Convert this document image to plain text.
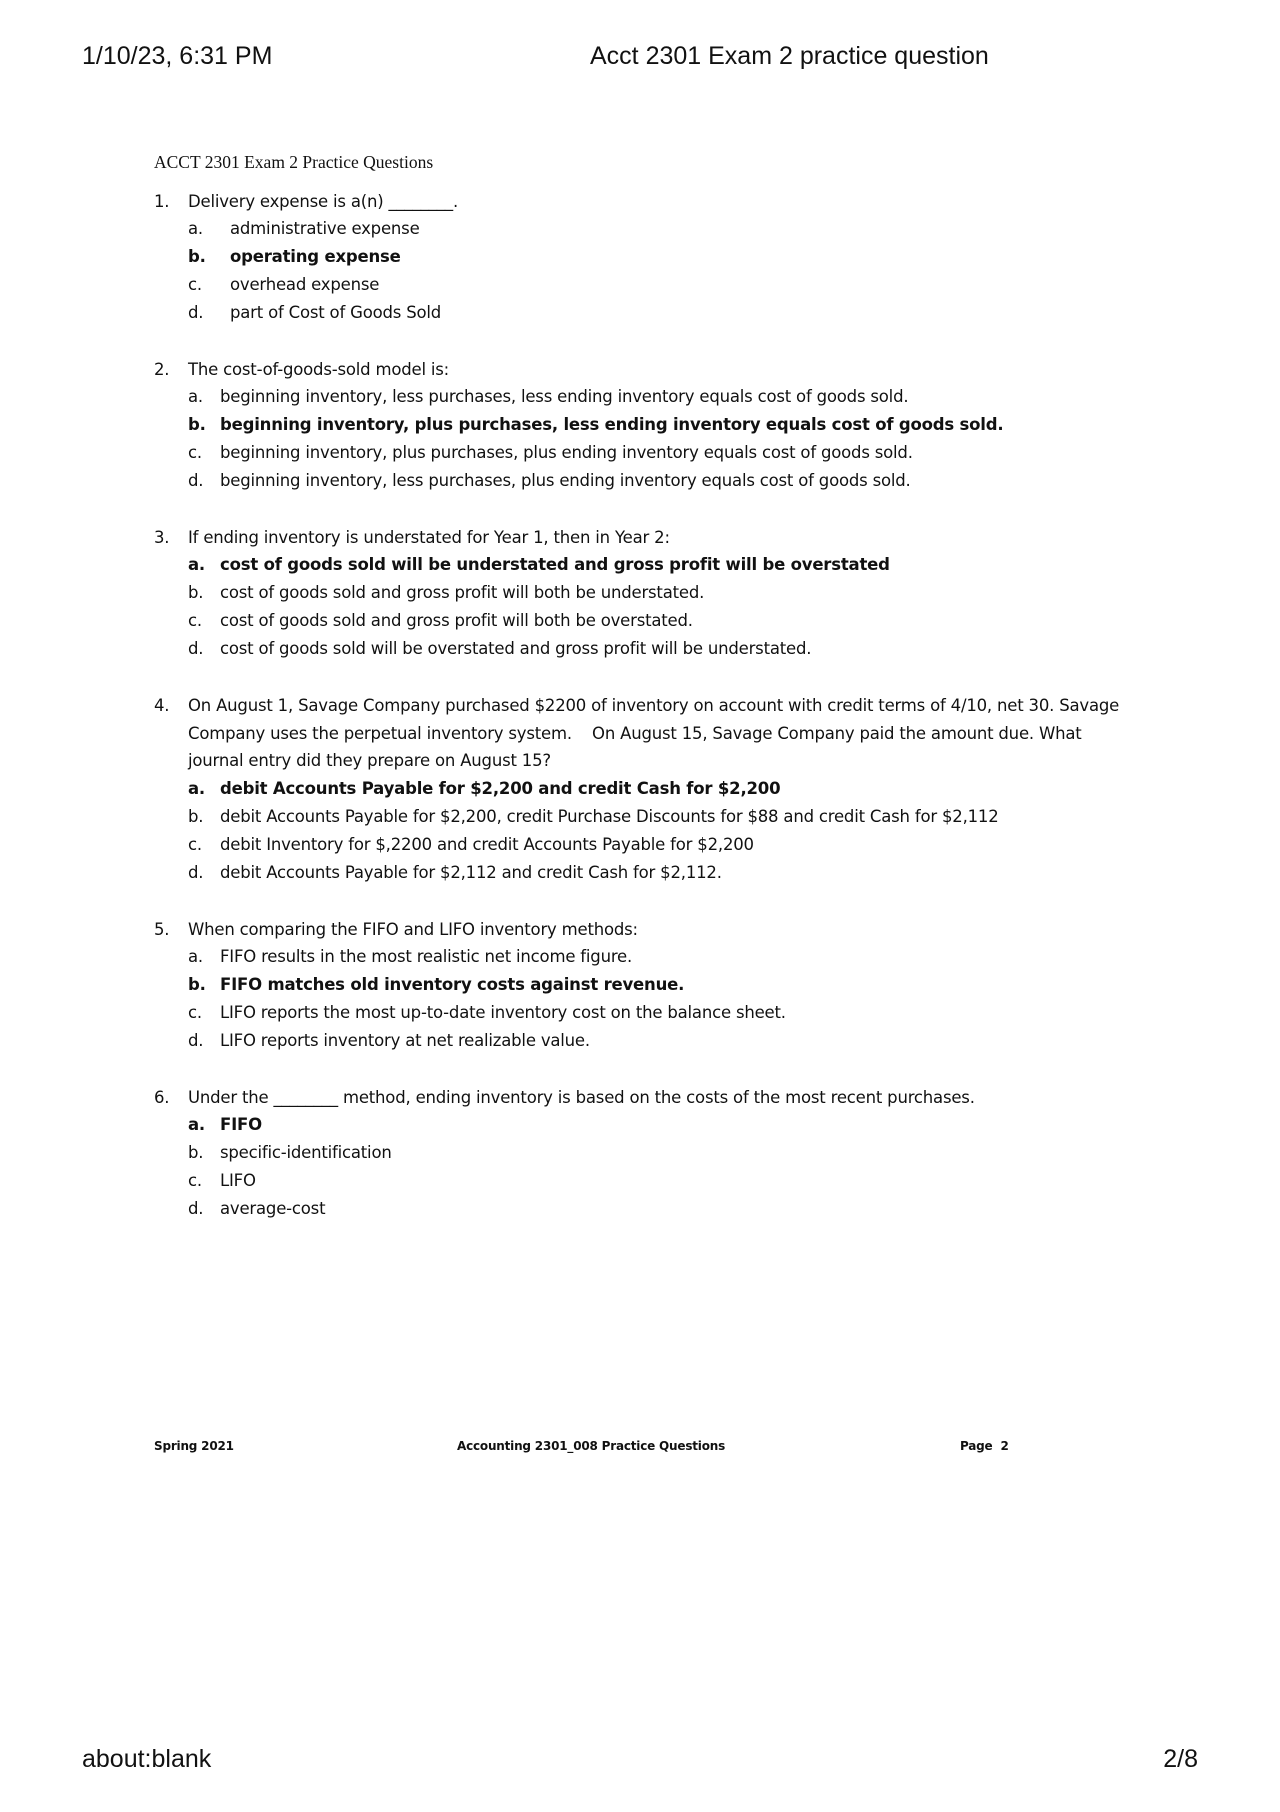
1/10/23, 6:31 PM	Acct 2301 Exam 2 practice question
ACCT 2301 Exam 2 Practice Questions
1. Delivery expense is a(n) ________.
a. administrative expense
b. operating expense
c. overhead expense
d. part of Cost of Goods Sold
2. The cost-of-goods-sold model is:
a. beginning inventory, less purchases, less ending inventory equals cost of goods sold.
b. beginning inventory, plus purchases, less ending inventory equals cost of goods sold.
c. beginning inventory, plus purchases, plus ending inventory equals cost of goods sold.
d. beginning inventory, less purchases, plus ending inventory equals cost of goods sold.
3. If ending inventory is understated for Year 1, then in Year 2:
a. cost of goods sold will be understated and gross profit will be overstated
b. cost of goods sold and gross profit will both be understated.
c. cost of goods sold and gross profit will both be overstated.
d. cost of goods sold will be overstated and gross profit will be understated.
4. On August 1, Savage Company purchased $2200 of inventory on account with credit terms of 4/10, net 30. Savage
Company uses the perpetual inventory system.    On August 15, Savage Company paid the amount due. What
journal entry did they prepare on August 15?
a. debit Accounts Payable for $2,200 and credit Cash for $2,200
b. debit Accounts Payable for $2,200, credit Purchase Discounts for $88 and credit Cash for $2,112
c. debit Inventory for $,2200 and credit Accounts Payable for $2,200
d. debit Accounts Payable for $2,112 and credit Cash for $2,112.
5. When comparing the FIFO and LIFO inventory methods:
a. FIFO results in the most realistic net income figure.
b. FIFO matches old inventory costs against revenue.
c. LIFO reports the most up-to-date inventory cost on the balance sheet.
d. LIFO reports inventory at net realizable value.
6. Under the ________ method, ending inventory is based on the costs of the most recent purchases.
a. FIFO
b. specific-identification
c. LIFO
d. average-cost
Spring 2021	Accounting 2301_008 Practice Questions	Page  2
about:blank	2/8
